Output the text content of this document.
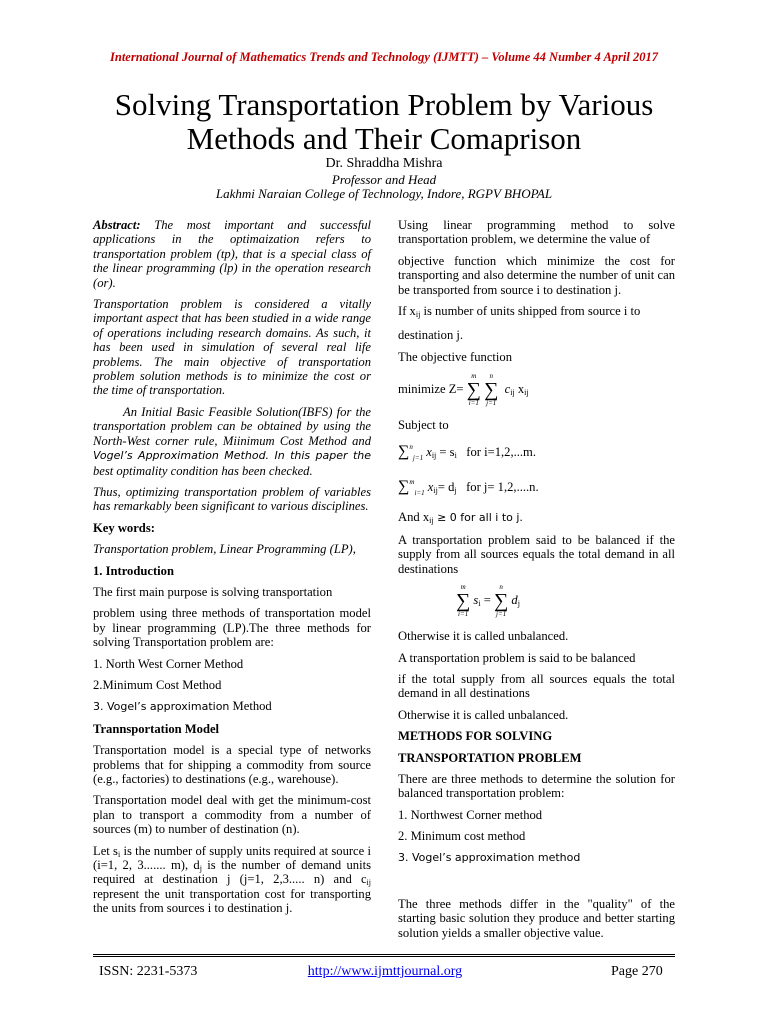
International Journal of Mathematics Trends and Technology (IJMTT) – Volume 44 Number 4 April 2017
Solving Transportation Problem by Various
Methods and Their Comaprison
Dr. Shraddha Mishra
Professor and Head
Lakhmi Naraian College of Technology, Indore, RGPV BHOPAL

Abstract: The most important and successful applications in the optimaization refers to transportation problem (tp), that is a special class of the linear programming (lp) in the operation research (or).

Transportation problem is considered a vitally important aspect that has been studied in a wide range of operations including research domains. As such, it has been used in simulation of several real life problems. The main objective of transportation problem solution methods is to minimize the cost or the time of transportation.

An Initial Basic Feasible Solution(IBFS) for the transportation problem can be obtained by using the North-West corner rule, Miinimum Cost Method and Vogel’s Approximation Method. In this paper the best optimality condition has been checked.

Thus, optimizing transportation problem of variables has remarkably been significant to various disciplines.

Key words:

Transportation problem, Linear Programming (LP),

1. Introduction

The first main purpose is solving transportation

problem using three methods of transportation model by linear programming (LP).The three methods for solving Transportation problem are:

1. North West Corner Method

2.Minimum Cost Method

3. Vogel’s approximation Method

Trannsportation Model

Transportation model is a special type of networks problems that for shipping a commodity from source (e.g., factories) to destinations (e.g., warehouse).

Transportation model deal with get the minimum-cost plan to transport a commodity from a number of sources (m) to number of destination (n).

Let $s_i$ is the number of supply units required at source i (i=1, 2, 3....... m), $d_j$ is the number of demand units required at destination j (j=1, 2,3..... n) and $c_{ij}$ represent the unit transportation cost for transporting the units from sources i to destination j.

Using linear programming method to solve transportation problem, we determine the value of

objective function which minimize the cost for transporting and also determine the number of unit can be transported from source i to destination j.

If $x_{ij}$ is number of units shipped from source i to

destination j.

The objective function

minimize Z=
m
∑
i=1

n
∑
j=1
$c_{ij}$ $x_{ij}$

Subject to

∑$^n_{j=1}$ $x_{ij} = s_i$ for i=1,2,...m.
∑$^m_{i=1}$ $x_{ij}= d_j$ for j= 1,2,....n.

And $x_{ij} \ge 0$ for all i to j.

A transportation problem said to be balanced if the supply from all sources equals the total demand in all destinations

m
∑
i=1
$s_i$ =
n
∑
j=1
$d_j$

Otherwise it is called unbalanced.

A transportation problem is said to be balanced

if the total supply from all sources equals the total demand in all destinations

Otherwise it is called unbalanced.

METHODS FOR SOLVING

TRANSPORTATION PROBLEM

There are three methods to determine the solution for balanced transportation problem:

1. Northwest Corner method

2. Minimum cost method

3. Vogel’s approximation method

The three methods differ in the "quality" of the starting basic solution they produce and better starting solution yields a smaller objective value.

ISSN: 2231-5373	http://www.ijmttjournal.org	Page 270
